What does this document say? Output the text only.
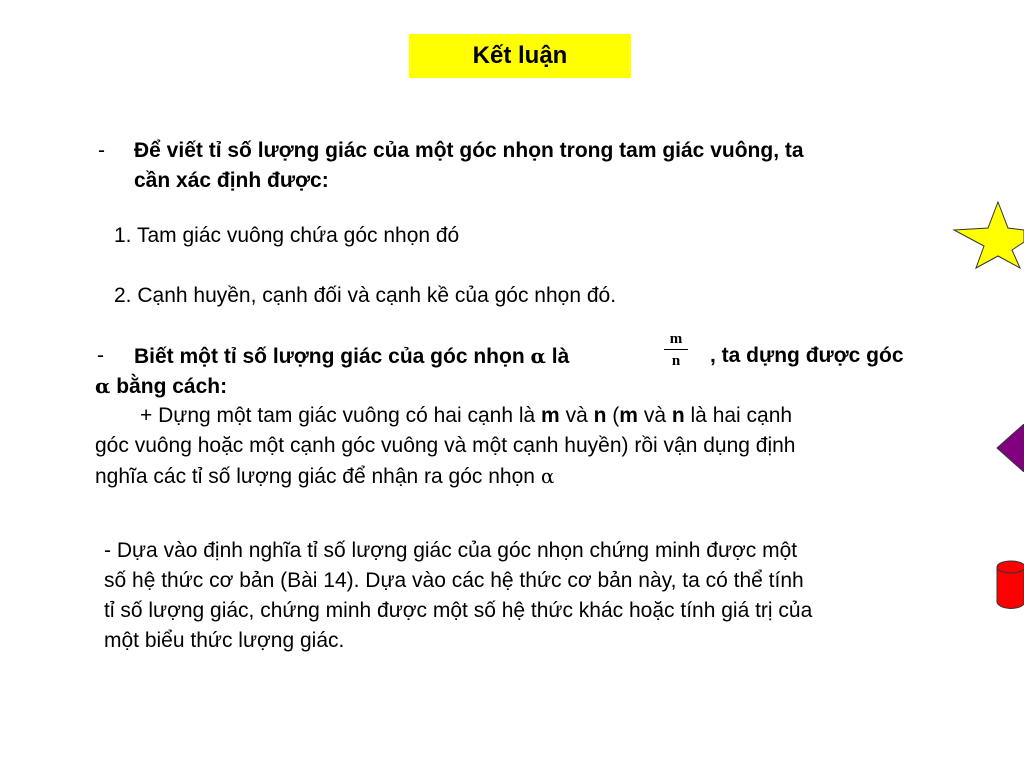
Kết luận
- Để viết tỉ số lượng giác của một góc nhọn trong tam giác vuông, ta
cần xác định được:
1. Tam giác vuông chứa góc nhọn đó
2. Cạnh huyền, cạnh đối và cạnh kề của góc nhọn đó.
- Biết một tỉ số lượng giác của góc nhọn α là	$\frac{m}{n}$ , ta dựng được góc
α bằng cách:
+ Dựng một tam giác vuông có hai cạnh là m và n (m và n là hai cạnh
góc vuông hoặc một cạnh góc vuông và một cạnh huyền) rồi vận dụng định
nghĩa các tỉ số lượng giác để nhận ra góc nhọn α
- Dựa vào định nghĩa tỉ số lượng giác của góc nhọn chứng minh được một
số hệ thức cơ bản (Bài 14). Dựa vào các hệ thức cơ bản này, ta có thể tính
tỉ số lượng giác, chứng minh được một số hệ thức khác hoặc tính giá trị của
một biểu thức lượng giác.
